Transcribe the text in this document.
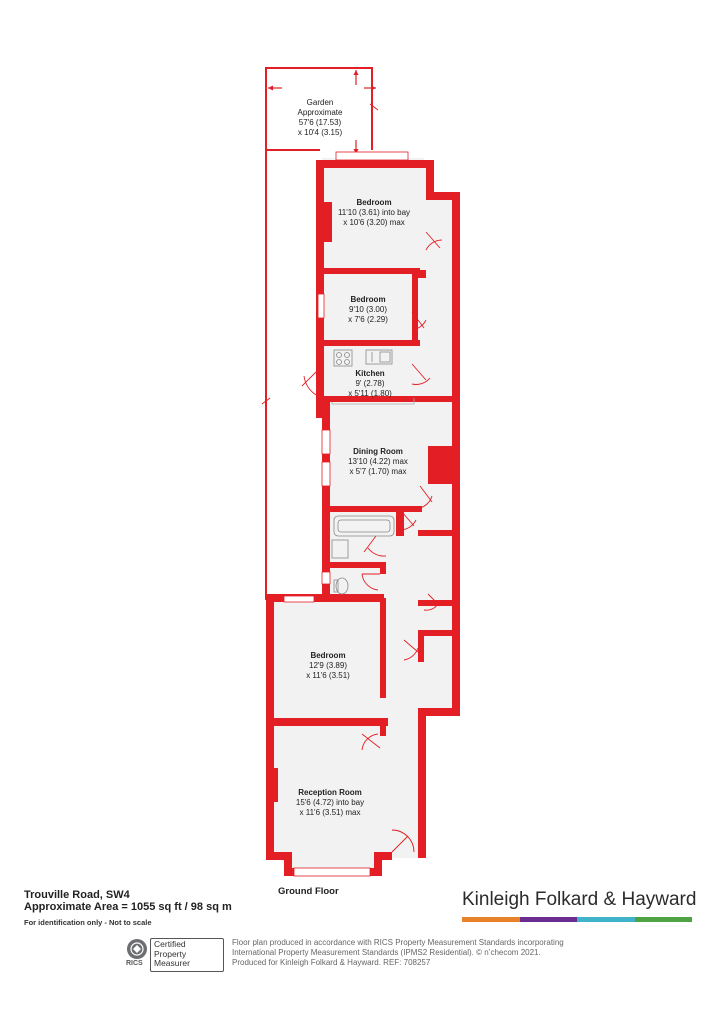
Garden
Approximate
57'6 (17.53)
x 10'4 (3.15)
Bedroom
11'10 (3.61) into bay
x 10'6 (3.20) max
Bedroom
9'10 (3.00)
x 7'6 (2.29)
Kitchen
9' (2.78)
x 5'11 (1.80)
Dining Room
13'10 (4.22) max
x 5'7 (1.70) max
Bedroom
12'9 (3.89)
x 11'6 (3.51)
Reception Room
15'6 (4.72) into bay
x 11'6 (3.51) max
Ground Floor
Trouville Road, SW4
Approximate Area = 1055 sq ft / 98 sq m
For identification only - Not to scale
Kinleigh Folkard & Hayward
RICS
Certified
Property
Measurer
Floor plan produced in accordance with RICS Property Measurement Standards incorporating
International Property Measurement Standards (IPMS2 Residential). © n’checom 2021.
Produced for Kinleigh Folkard & Hayward. REF: 708257
